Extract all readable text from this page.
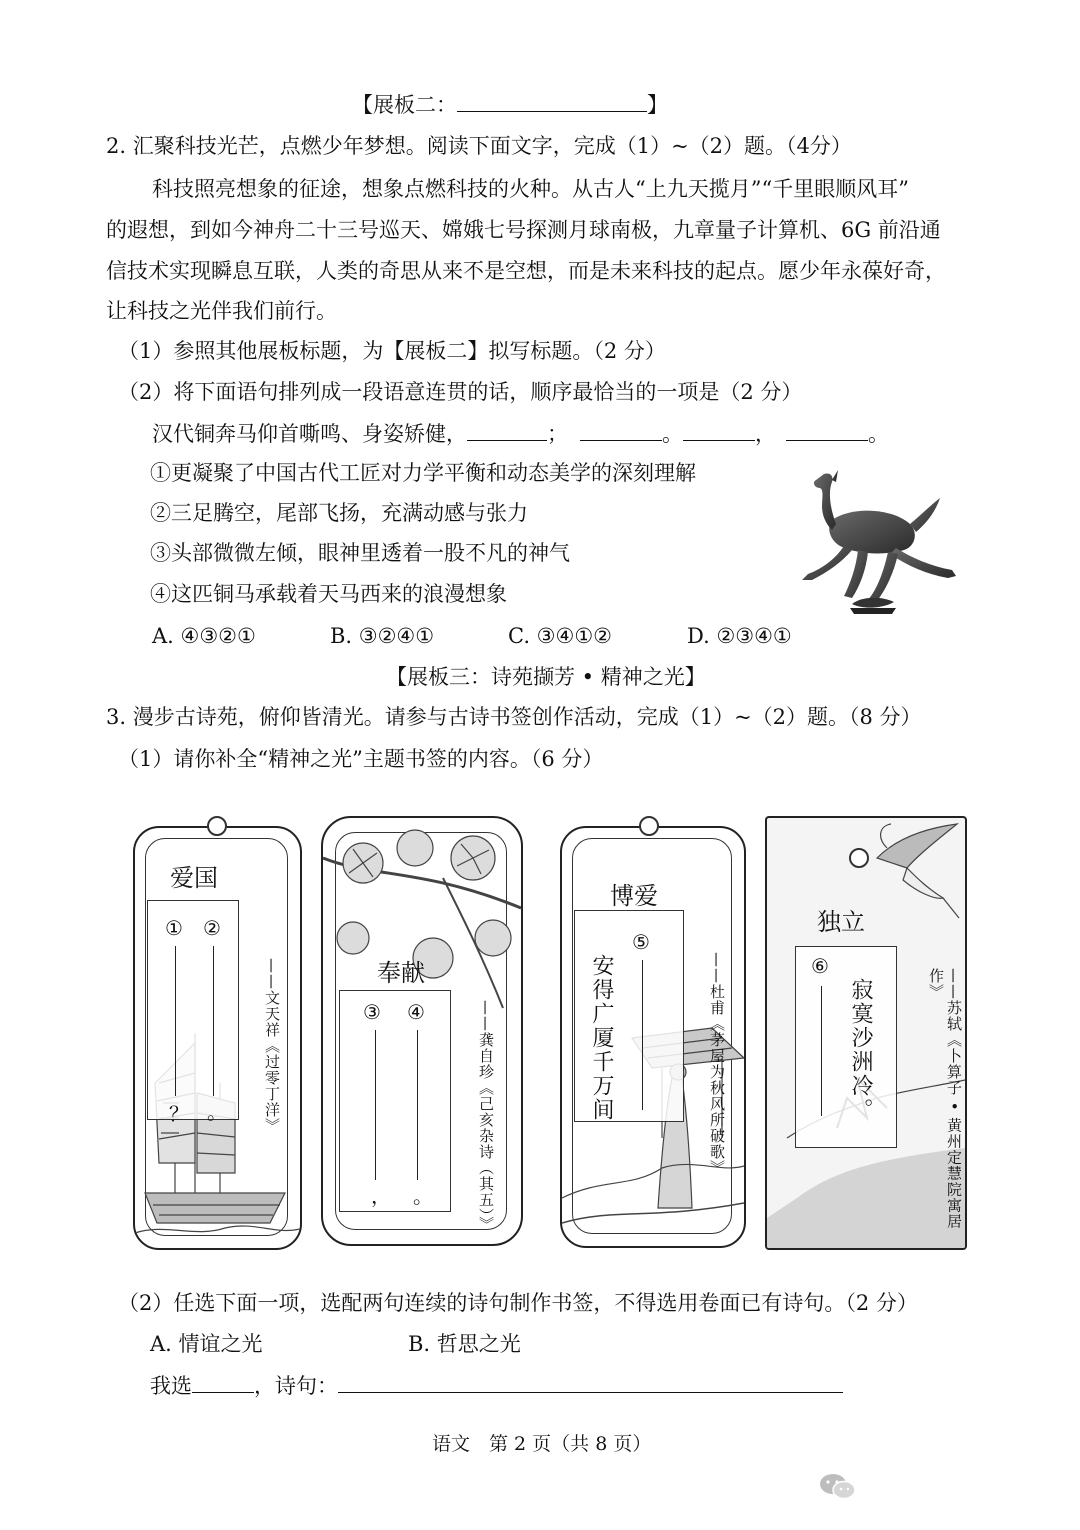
【展板二：	】
2. 汇聚科技光芒，点燃少年梦想。阅读下面文字，完成（1）~（2）题。（4分）
科技照亮想象的征途，想象点燃科技的火种。从古人“上九天揽月”“千里眼顺风耳”
的遐想，到如今神舟二十三号巡天、嫦娥七号探测月球南极，九章量子计算机、6G 前沿通
信技术实现瞬息互联，人类的奇思从来不是空想，而是未来科技的起点。愿少年永葆好奇，
让科技之光伴我们前行。
（1）参照其他展板标题，为【展板二】拟写标题。（2 分）
（2）将下面语句排列成一段语意连贯的话，顺序最恰当的一项是（2 分）
汉代铜奔马仰首嘶鸣、身姿矫健，	；	。	，	。
①更凝聚了中国古代工匠对力学平衡和动态美学的深刻理解
②三足腾空，尾部飞扬，充满动感与张力
③头部微微左倾，眼神里透着一股不凡的神气
④这匹铜马承载着天马西来的浪漫想象
A. ④③②①	B. ③②④①	C. ③④①②	D. ②③④①
【展板三：诗苑撷芳 • 精神之光】
3. 漫步古诗苑，俯仰皆清光。请参与古诗书签创作活动，完成（1）~（2）题。（8 分）
（1）请你补全“精神之光”主题书签的内容。（6 分）
爱国
① ②
？ 。 ——文天祥《过零丁洋》	奉献
③ ④
， 。	——龚自珍《己亥杂诗（其五）》
博爱
⑤
安得广厦千万间	——杜甫《茅屋为秋风所破歌》
独立
⑥
寂寞沙洲冷。	——苏轼《卜算子 • 黄州定慧院寓居作》
（2）任选下面一项，选配两句连续的诗句制作书签，不得选用卷面已有诗句。（2 分）
A. 情谊之光	B. 哲思之光
我选	，诗句：
语文　第 2 页（共 8 页）
